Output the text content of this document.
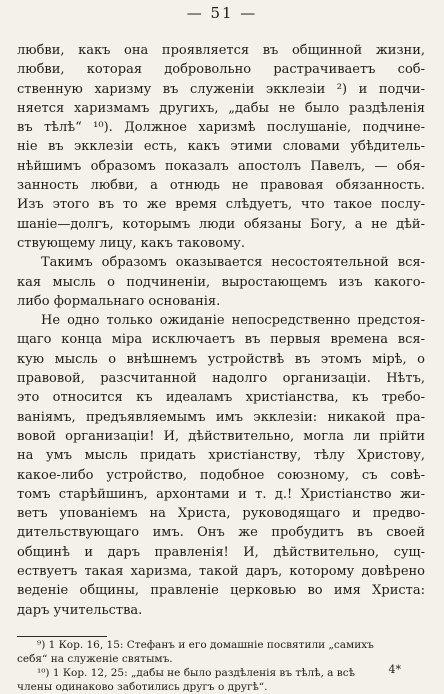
— 51 —
любви, какъ она проявляется въ общинной жизни,
любви, которая добровольно растрачиваетъ соб-
ственную харизму въ служеніи экклезіи ²) и подчи-
няется харизмамъ другихъ, „дабы не было раздѣленія
въ тѣлѣ“ ¹⁰). Должное харизмѣ послушаніе, подчине-
ніе въ экклезіи есть, какъ этими словами убѣдитель-
нѣйшимъ образомъ показалъ апостолъ Павелъ, — обя-
занность любви, а отнюдь не правовая обязанность.
Изъ этого въ то же время слѣдуетъ, что такое послу-
шаніе—долгъ, которымъ люди обязаны Богу, а не дѣй-
ствующему лицу, какъ таковому.
Такимъ образомъ оказывается несостоятельной вся-
кая мысль о подчиненіи, выростающемъ изъ какого-
либо формальнаго основанія.
Не одно только ожиданіе непосредственно предстоя-
щаго конца міра исключаетъ въ первыя времена вся-
кую мысль о внѣшнемъ устройствѣ въ этомъ мірѣ, о
правовой, разсчитанной надолго организаціи. Нѣтъ,
это относится къ идеаламъ христіанства, къ требо-
ваніямъ, предъявляемымъ имъ экклезіи: никакой пра-
вовой организаціи! И, дѣйствительно, могла ли прійти
на умъ мысль придать христіанству, тѣлу Христову,
какое-либо устройство, подобное союзному, съ совѣ-
томъ старѣйшинъ, архонтами и т. д.! Христіанство жи-
ветъ упованіемъ на Христа, руководящаго и предво-
дительствующаго имъ. Онъ же пробудитъ въ своей
общинѣ и даръ правленія! И, дѣйствительно, сущ-
ествуетъ такая харизма, такой даръ, которому довѣрено
веденіе общины, правленіе церковью во имя Христа:
даръ учительства.
⁹) 1 Кор. 16, 15: Стефанъ и его домашніе посвятили „самихъ
себя“ на служеніе святымъ.
¹⁰) 1 Кор. 12, 25: „дабы не было раздѣленія въ тѣлѣ, а всѣ
члены одинаково заботились другъ о другѣ“.
4*
